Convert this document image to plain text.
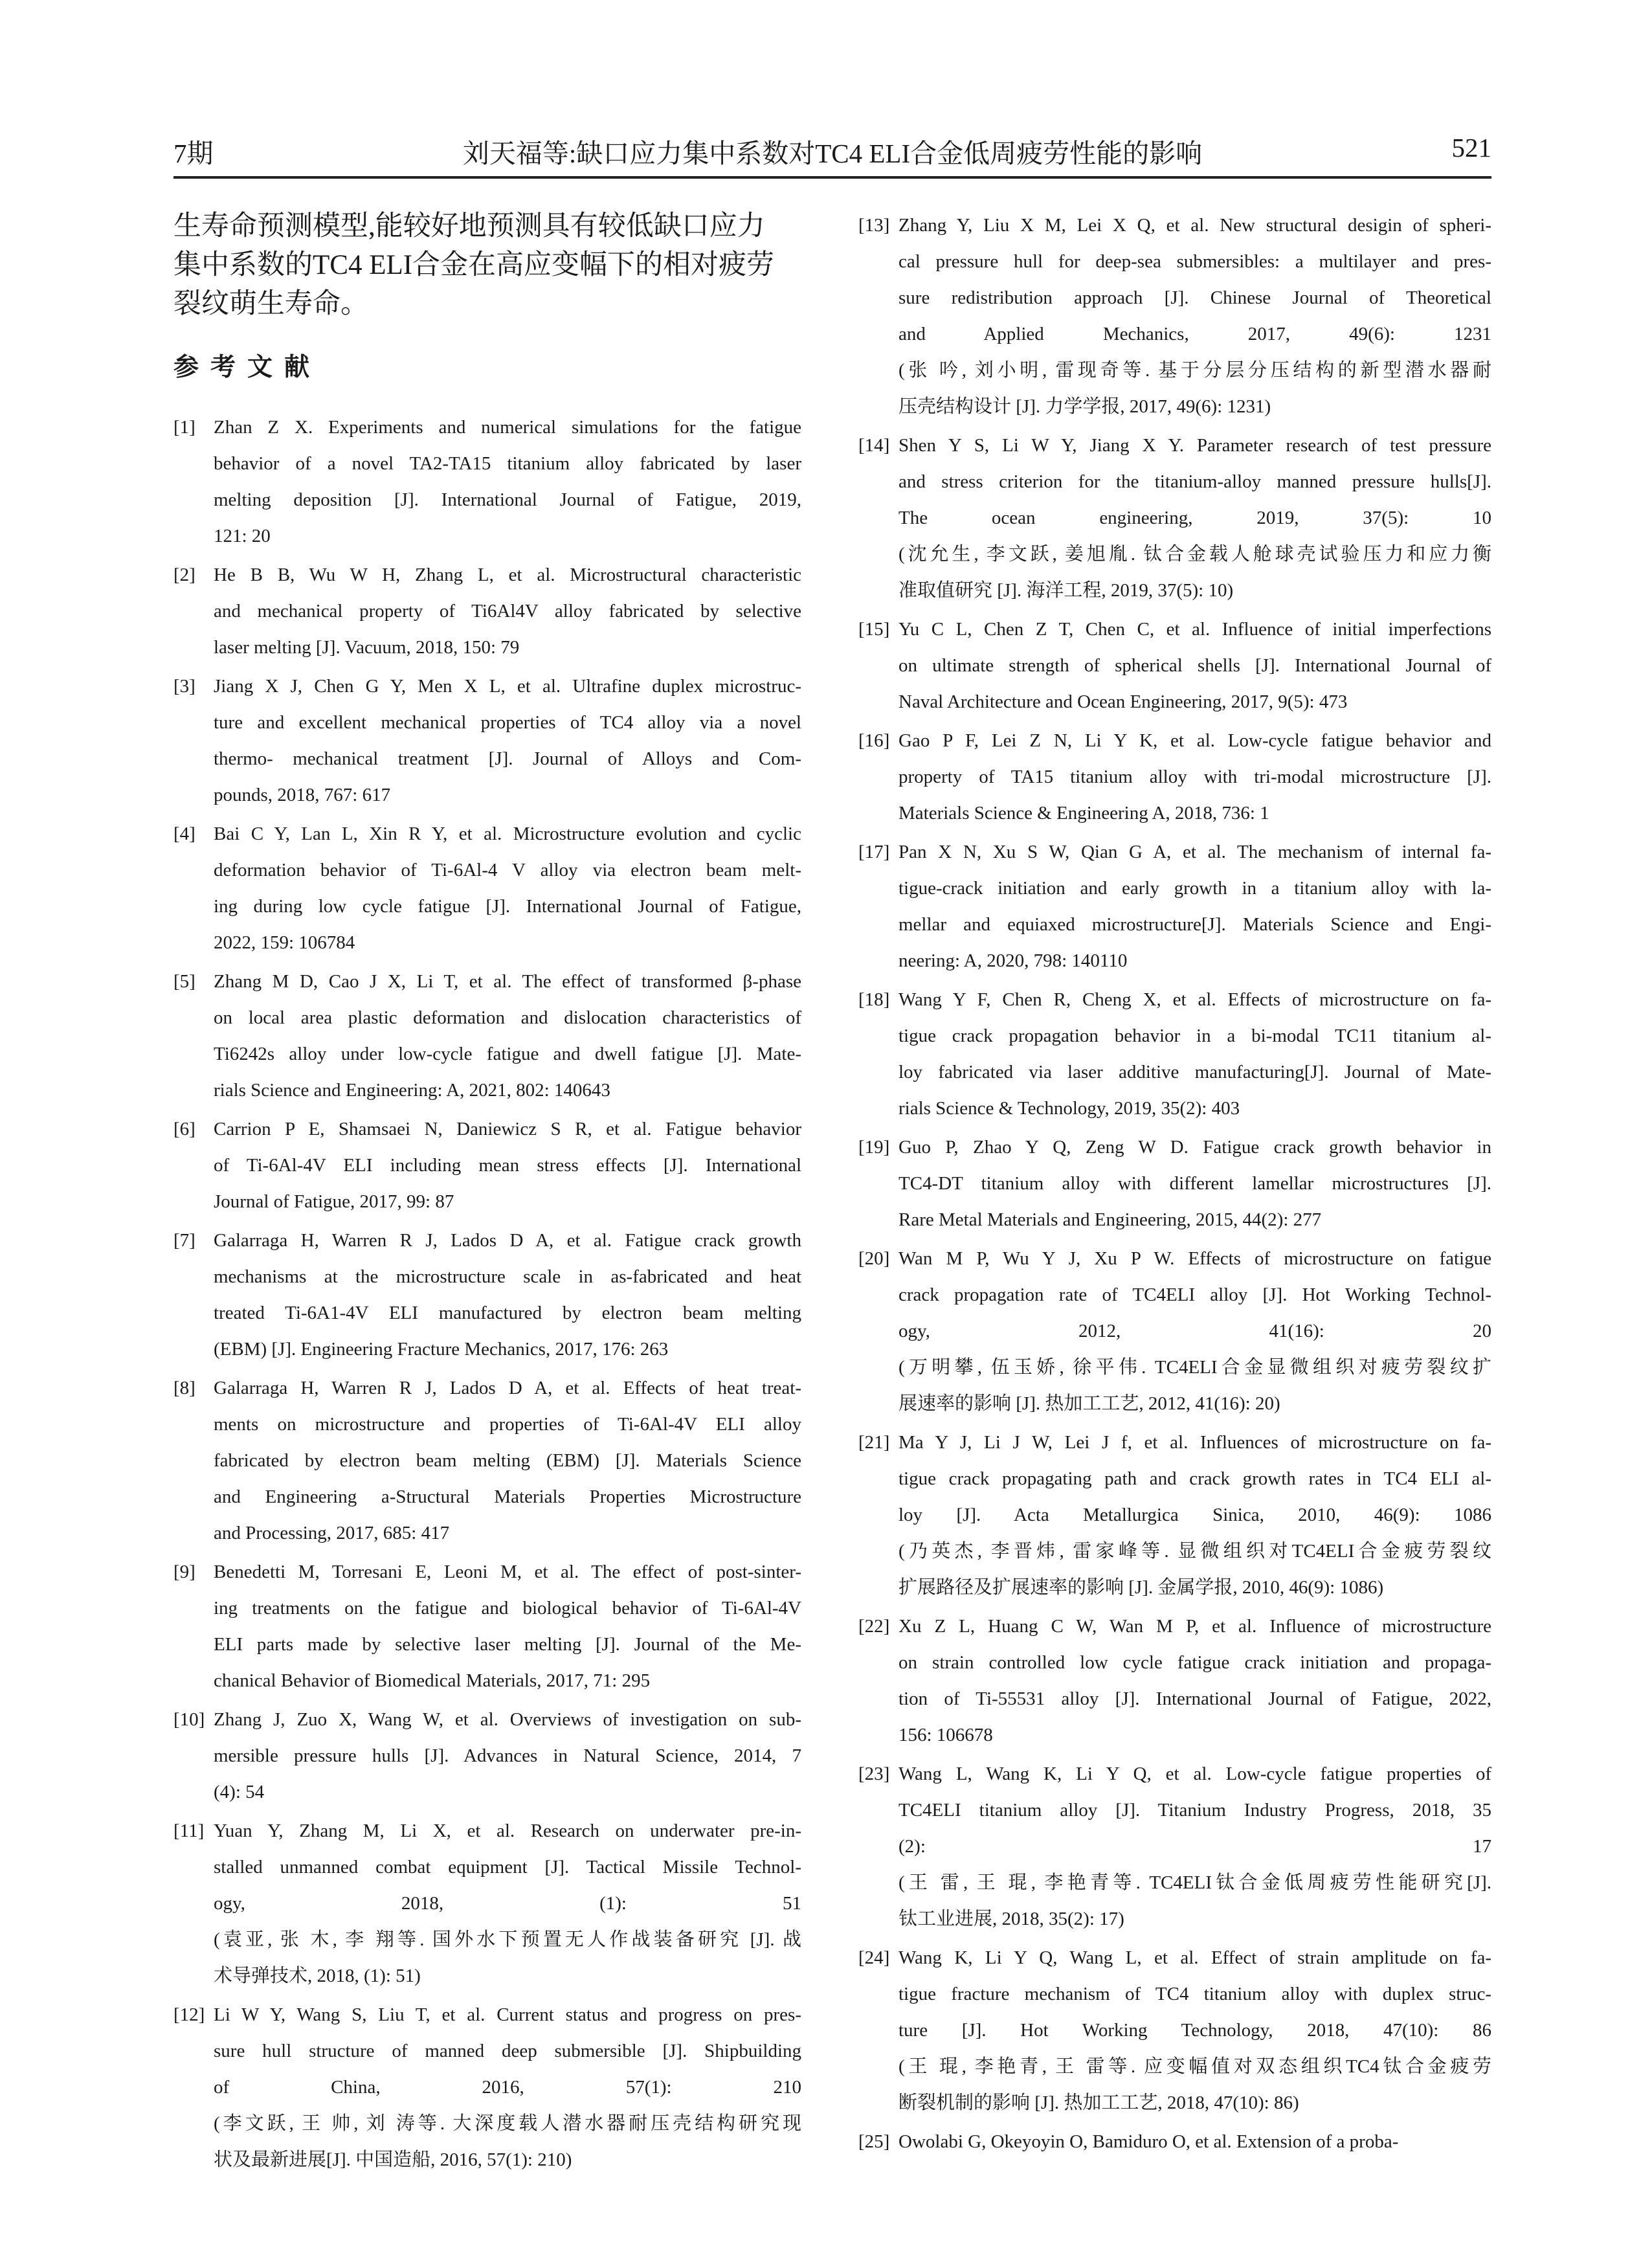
7期	刘天福等:缺口应力集中系数对TC4 ELI合金低周疲劳性能的影响	521

生寿命预测模型,能较好地预测具有较低缺口应力
集中系数的TC4 ELI合金在高应变幅下的相对疲劳
裂纹萌生寿命。

参考文献
[1] Zhan Z X. Experiments and numerical simulations for the fatigue
behavior of a novel TA2-TA15 titanium alloy fabricated by laser
melting deposition [J]. International Journal of Fatigue, 2019,
121: 20
[2] He B B, Wu W H, Zhang L, et al. Microstructural characteristic
and mechanical property of Ti6Al4V alloy fabricated by selective
laser melting [J]. Vacuum, 2018, 150: 79
[3] Jiang X J, Chen G Y, Men X L, et al. Ultrafine duplex microstruc-
ture and excellent mechanical properties of TC4 alloy via a novel
thermo- mechanical treatment [J]. Journal of Alloys and Com-
pounds, 2018, 767: 617
[4] Bai C Y, Lan L, Xin R Y, et al. Microstructure evolution and cyclic
deformation behavior of Ti-6Al-4 V alloy via electron beam melt-
ing during low cycle fatigue [J]. International Journal of Fatigue,
2022, 159: 106784
[5] Zhang M D, Cao J X, Li T, et al. The effect of transformed β-phase
on local area plastic deformation and dislocation characteristics of
Ti6242s alloy under low-cycle fatigue and dwell fatigue [J]. Mate-
rials Science and Engineering: A, 2021, 802: 140643
[6] Carrion P E, Shamsaei N, Daniewicz S R, et al. Fatigue behavior
of Ti-6Al-4V ELI including mean stress effects [J]. International
Journal of Fatigue, 2017, 99: 87
[7] Galarraga H, Warren R J, Lados D A, et al. Fatigue crack growth
mechanisms at the microstructure scale in as-fabricated and heat
treated Ti-6A1-4V ELI manufactured by electron beam melting
(EBM) [J]. Engineering Fracture Mechanics, 2017, 176: 263
[8] Galarraga H, Warren R J, Lados D A, et al. Effects of heat treat-
ments on microstructure and properties of Ti-6Al-4V ELI alloy
fabricated by electron beam melting (EBM) [J]. Materials Science
and Engineering a-Structural Materials Properties Microstructure
and Processing, 2017, 685: 417
[9] Benedetti M, Torresani E, Leoni M, et al. The effect of post-sinter-
ing treatments on the fatigue and biological behavior of Ti-6Al-4V
ELI parts made by selective laser melting [J]. Journal of the Me-
chanical Behavior of Biomedical Materials, 2017, 71: 295
[10] Zhang J, Zuo X, Wang W, et al. Overviews of investigation on sub-
mersible pressure hulls [J]. Advances in Natural Science, 2014, 7
(4): 54
[11] Yuan Y, Zhang M, Li X, et al. Research on underwater pre-in-
stalled unmanned combat equipment [J]. Tactical Missile Technol-
ogy, 2018, (1): 51
(袁亚, 张 木, 李 翔等. 国外水下预置无人作战装备研究 [J]. 战
术导弹技术, 2018, (1): 51)
[12] Li W Y, Wang S, Liu T, et al. Current status and progress on pres-
sure hull structure of manned deep submersible [J]. Shipbuilding
of China, 2016, 57(1): 210
(李文跃, 王 帅, 刘 涛等. 大深度载人潜水器耐压壳结构研究现
状及最新进展[J]. 中国造船, 2016, 57(1): 210)
[13] Zhang Y, Liu X M, Lei X Q, et al. New structural desigin of spheri-
cal pressure hull for deep-sea submersibles: a multilayer and pres-
sure redistribution approach [J]. Chinese Journal of Theoretical
and Applied Mechanics, 2017, 49(6): 1231
(张 吟, 刘小明, 雷现奇等. 基于分层分压结构的新型潜水器耐
压壳结构设计 [J]. 力学学报, 2017, 49(6): 1231)
[14] Shen Y S, Li W Y, Jiang X Y. Parameter research of test pressure
and stress criterion for the titanium-alloy manned pressure hulls[J].
The ocean engineering, 2019, 37(5): 10
(沈允生, 李文跃, 姜旭胤. 钛合金载人舱球壳试验压力和应力衡
准取值研究 [J]. 海洋工程, 2019, 37(5): 10)
[15] Yu C L, Chen Z T, Chen C, et al. Influence of initial imperfections
on ultimate strength of spherical shells [J]. International Journal of
Naval Architecture and Ocean Engineering, 2017, 9(5): 473
[16] Gao P F, Lei Z N, Li Y K, et al. Low-cycle fatigue behavior and
property of TA15 titanium alloy with tri-modal microstructure [J].
Materials Science & Engineering A, 2018, 736: 1
[17] Pan X N, Xu S W, Qian G A, et al. The mechanism of internal fa-
tigue-crack initiation and early growth in a titanium alloy with la-
mellar and equiaxed microstructure[J]. Materials Science and Engi-
neering: A, 2020, 798: 140110
[18] Wang Y F, Chen R, Cheng X, et al. Effects of microstructure on fa-
tigue crack propagation behavior in a bi-modal TC11 titanium al-
loy fabricated via laser additive manufacturing[J]. Journal of Mate-
rials Science & Technology, 2019, 35(2): 403
[19] Guo P, Zhao Y Q, Zeng W D. Fatigue crack growth behavior in
TC4-DT titanium alloy with different lamellar microstructures [J].
Rare Metal Materials and Engineering, 2015, 44(2): 277
[20] Wan M P, Wu Y J, Xu P W. Effects of microstructure on fatigue
crack propagation rate of TC4ELI alloy [J]. Hot Working Technol-
ogy, 2012, 41(16): 20
(万明攀, 伍玉娇, 徐平伟. TC4ELI合金显微组织对疲劳裂纹扩
展速率的影响 [J]. 热加工工艺, 2012, 41(16): 20)
[21] Ma Y J, Li J W, Lei J f, et al. Influences of microstructure on fa-
tigue crack propagating path and crack growth rates in TC4 ELI al-
loy [J]. Acta Metallurgica Sinica, 2010, 46(9): 1086
(乃英杰, 李晋炜, 雷家峰等. 显微组织对TC4ELI合金疲劳裂纹
扩展路径及扩展速率的影响 [J]. 金属学报, 2010, 46(9): 1086)
[22] Xu Z L, Huang C W, Wan M P, et al. Influence of microstructure
on strain controlled low cycle fatigue crack initiation and propaga-
tion of Ti-55531 alloy [J]. International Journal of Fatigue, 2022,
156: 106678
[23] Wang L, Wang K, Li Y Q, et al. Low-cycle fatigue properties of
TC4ELI titanium alloy [J]. Titanium Industry Progress, 2018, 35
(2): 17
(王 雷, 王 琨, 李艳青等. TC4ELI钛合金低周疲劳性能研究[J].
钛工业进展, 2018, 35(2): 17)
[24] Wang K, Li Y Q, Wang L, et al. Effect of strain amplitude on fa-
tigue fracture mechanism of TC4 titanium alloy with duplex struc-
ture [J]. Hot Working Technology, 2018, 47(10): 86
(王 琨, 李艳青, 王 雷等. 应变幅值对双态组织TC4钛合金疲劳
断裂机制的影响 [J]. 热加工工艺, 2018, 47(10): 86)
[25] Owolabi G, Okeyoyin O, Bamiduro O, et al. Extension of a proba-
